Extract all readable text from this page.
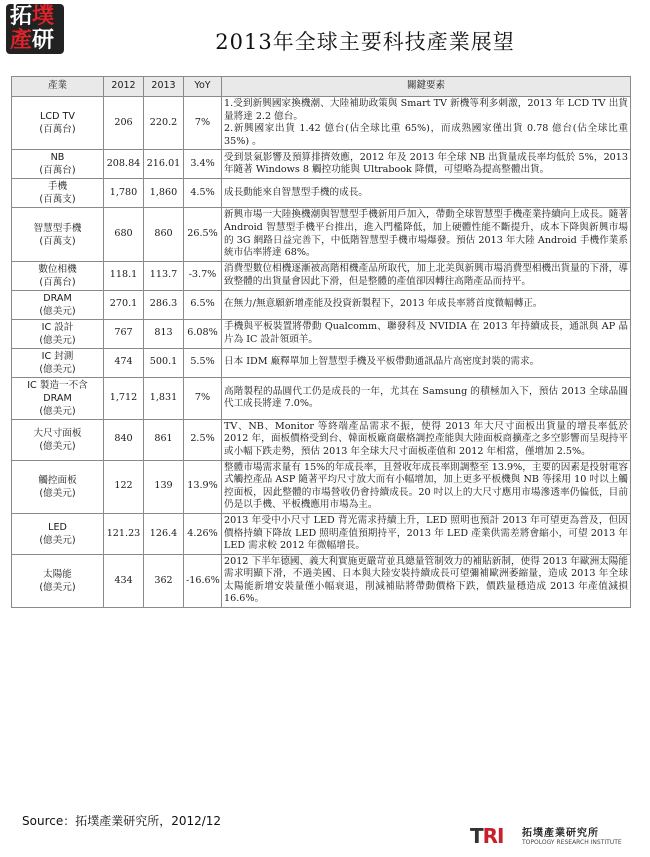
拓墣
產研	2013年全球主要科技產業展望
產業	2012	2013	YoY	關鍵要素

LCD TV
(百萬台)	206	220.2	7%	1.受到新興國家換機潮、大陸補助政策與 Smart TV 新機等利多刺激，2013 年 LCD TV 出貨量將達 2.2 億台。
2.新興國家出貨 1.42 億台(佔全球比重 65%)，而成熟國家僅出貨 0.78 億台(佔全球比重 35%) 。

NB
(百萬台)	208.84	216.01	3.4%	受到景氣影響及預算排擠效應，2012 年及 2013 年全球 NB 出貨量成長率均低於 5%，2013 年隨著 Windows 8 觸控功能與 Ultrabook 降價，可望略為提高整體出貨。

手機
(百萬支)	1,780	1,860	4.5%	成長動能來自智慧型手機的成長。

智慧型手機
(百萬支)	680	860	26.5%	新興市場一大陸換機潮與智慧型手機新用戶加入，帶動全球智慧型手機產業持續向上成長。隨著 Android 智慧型手機平台推出，進入門檻降低，加上硬體性能不斷提升，成本下降與新興市場的 3G 網路日益完善下，中低階智慧型手機市場爆發。預估 2013 年大陸 Android 手機作業系統市佔率將達 68%。

數位相機
(百萬台)	118.1	113.7	-3.7%	消費型數位相機逐漸被高階相機產品所取代，加上北美與新興市場消費型相機出貨量的下滑，導致整體的出貨量會因此下滑，但是整體的產值卻因轉往高階產品而持平。

DRAM
(億美元)	270.1	286.3	6.5%	在無力/無意願新增產能及投資新製程下，2013 年成長率將首度微幅轉正。

IC 設計
(億美元)	767	813	6.08%	手機與平板裝置將帶動 Qualcomm、聯發科及 NVIDIA 在 2013 年持續成長，通訊與 AP 晶片為 IC 設計領頭羊。

IC 封測
(億美元)	474	500.1	5.5%	日本 IDM 廠釋單加上智慧型手機及平板帶動通訊晶片高密度封裝的需求。

IC 製造一不含 DRAM
(億美元)	1,712	1,831	7%	高階製程的晶圓代工仍是成長的一年，尤其在 Samsung 的積極加入下，預估 2013 全球晶圓代工成長將達 7.0%。

大尺寸面板
(億美元)	840	861	2.5%	TV、NB、Monitor 等終端產品需求不振，使得 2013 年大尺寸面板出貨量的增長率低於 2012 年，面板價格受到台、韓面板廠商嚴格調控產能與大陸面板商擴產之多空影響而呈現持平或小幅下跌走勢，預估 2013 年全球大尺寸面板產值和 2012 年相當，僅增加 2.5%。

觸控面板
(億美元)	122	139	13.9%	整體市場需求量有 15%的年成長率，且營收年成長率則調整至 13.9%，主要的因素是投射電容式觸控產品 ASP 隨著平均尺寸放大而有小幅增加，加上更多平板機與 NB 等採用 10 吋以上觸控面板，因此整體的市場營收仍會持續成長。20 吋以上的大尺寸應用市場滲透率仍偏低，目前仍是以手機、平板機應用市場為主。

LED
(億美元)	121.23	126.4	4.26%	2013 年受中小尺寸 LED 背光需求持續上升，LED 照明也預計 2013 年可望更為普及，但因價格持續下降故 LED 照明產值預期持平，2013 年 LED 產業供需差將會縮小，可望 2013 年 LED 需求較 2012 年微幅增長。

太陽能
(億美元)	434	362	-16.6%	2012 下半年德國、義大利實施更嚴苛並具總量管制效力的補貼新制，使得 2013 年歐洲太陽能需求明顯下滑，不過美國、日本與大陸安裝持續成長可望彌補歐洲萎縮量，造成 2013 年全球太陽能新增安裝量僅小幅衰退，削減補貼將帶動價格下跌，價跌量穩造成 2013 年產值減損 16.6%。
Source：拓墣產業研究所，2012/12
TRI 拓墣產業研究所
TOPOLOGY RESEARCH INSTITUTE
